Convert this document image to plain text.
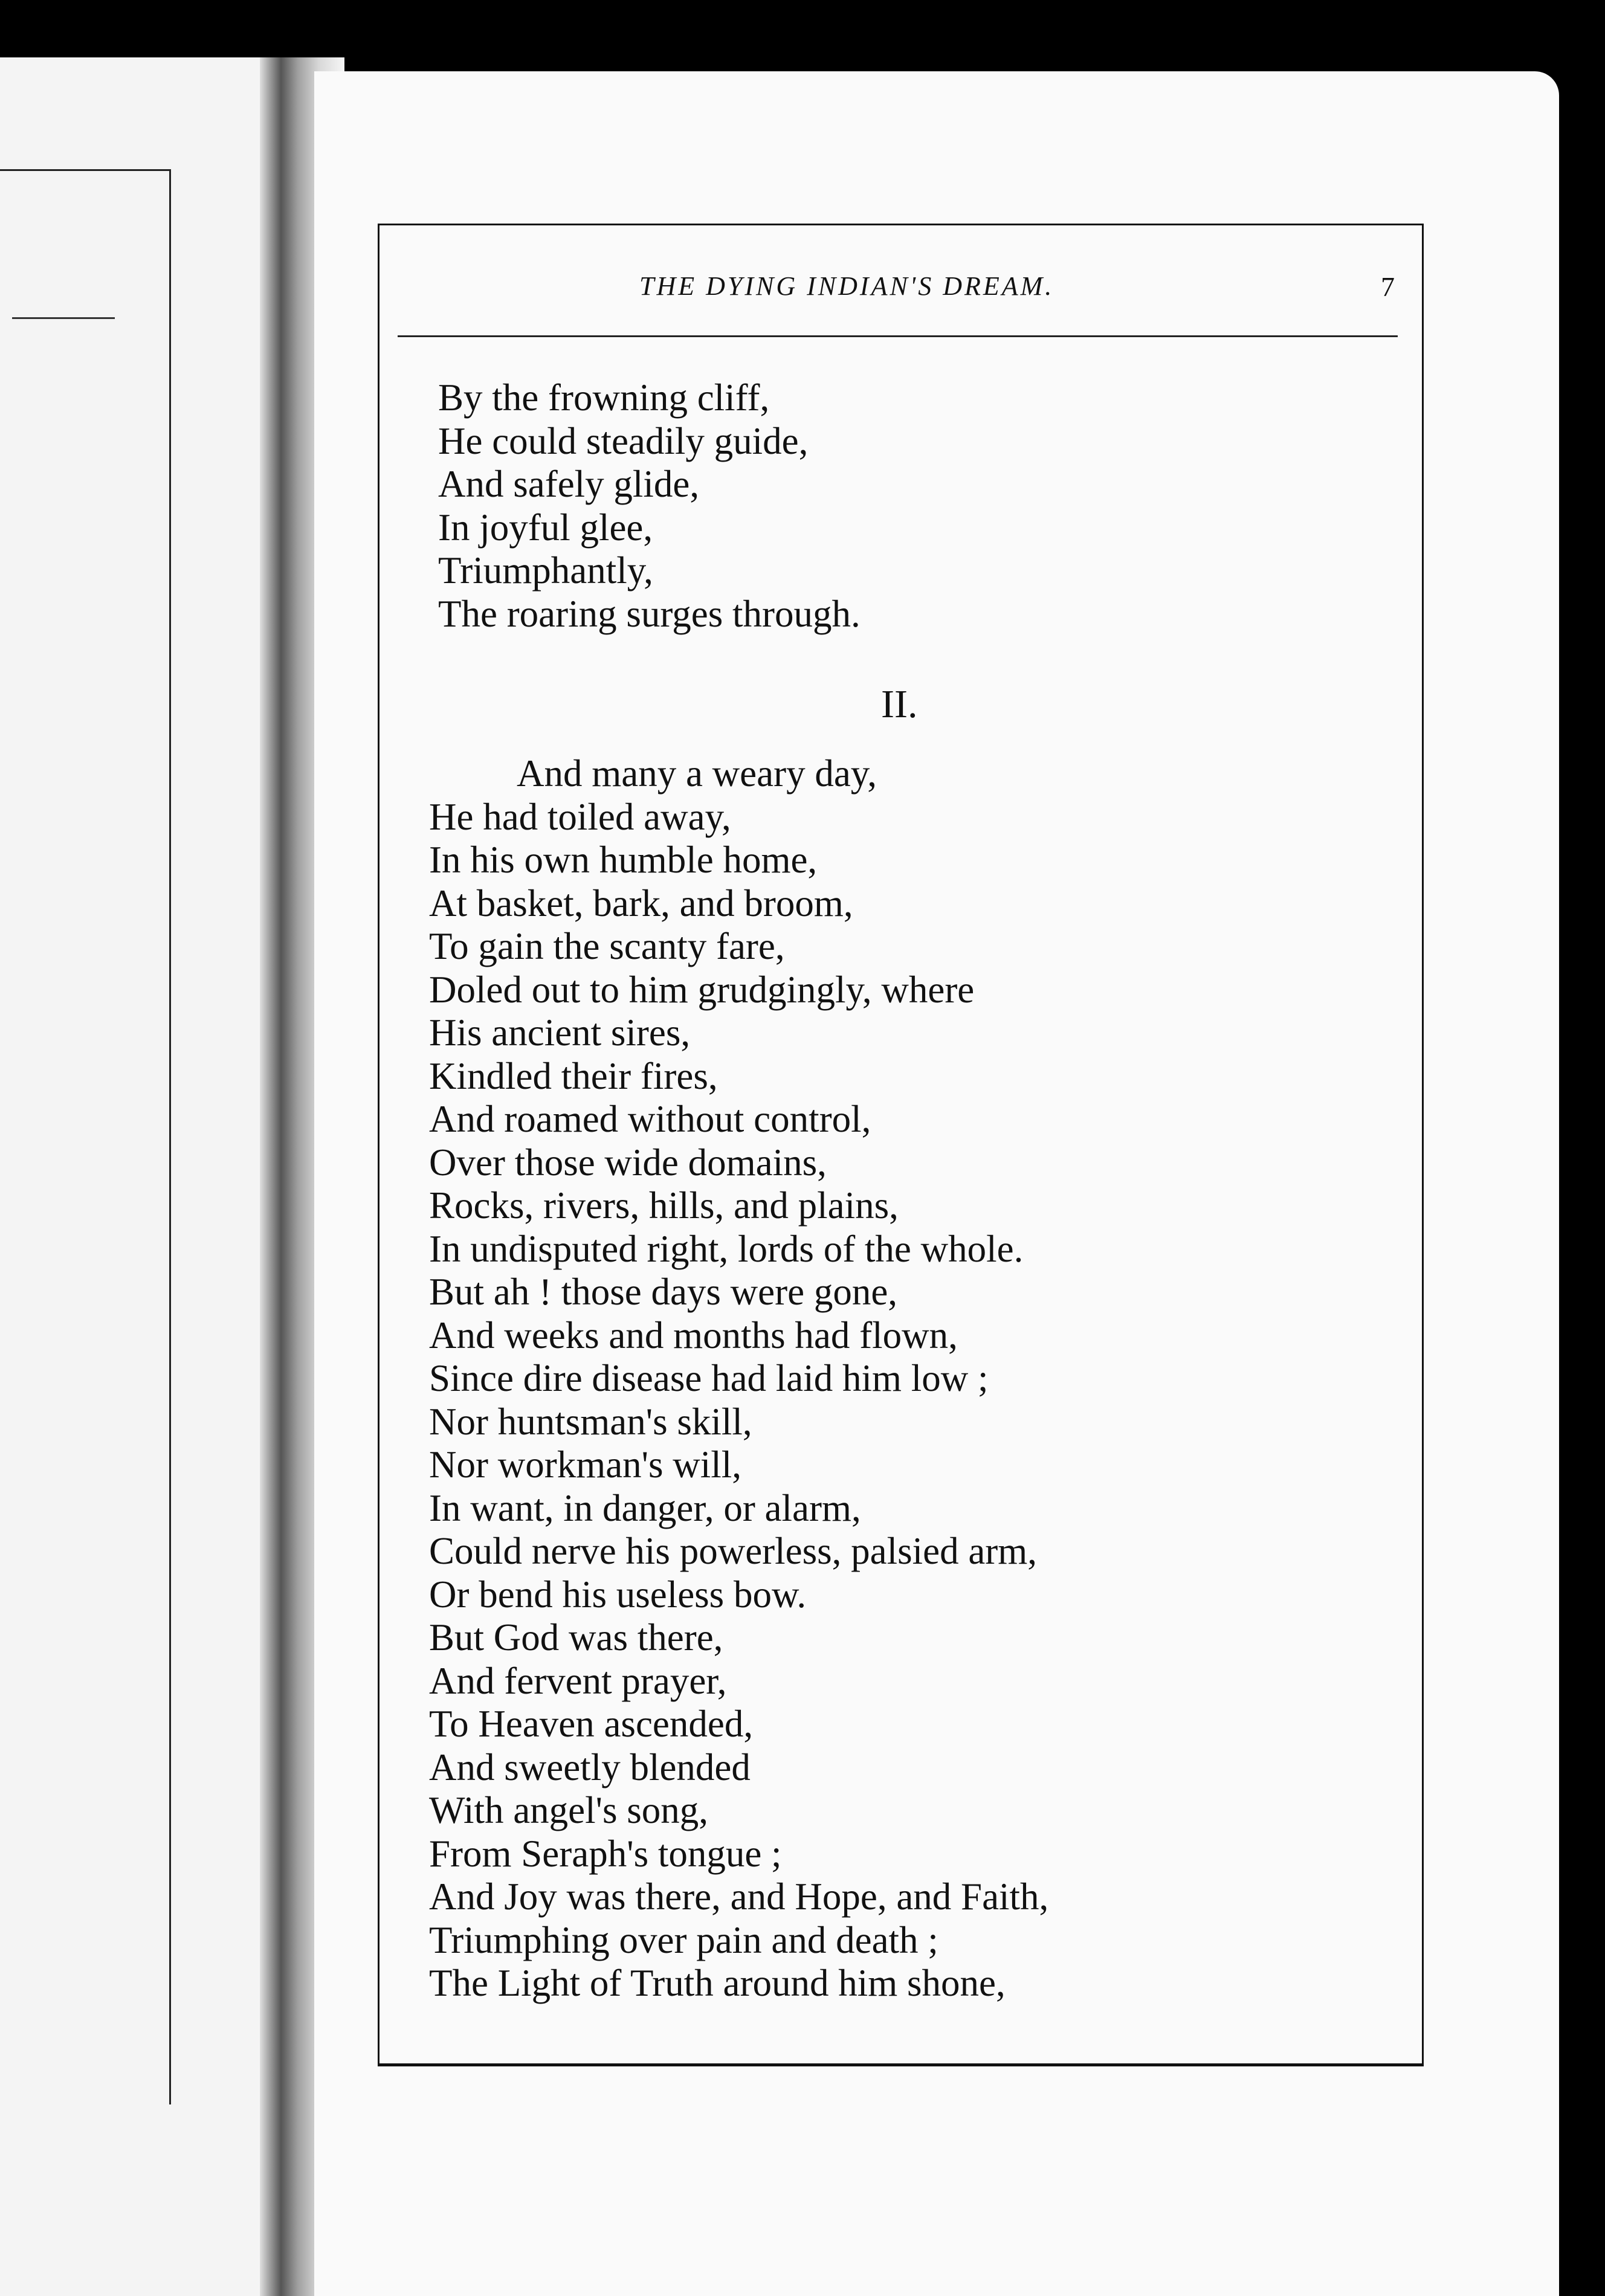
THE DYING INDIAN'S DREAM.	7
By the frowning cliff,
He could steadily guide,
And safely glide,
In joyful glee,
Triumphantly,
The roaring surges through.
II.
And many a weary day,
He had toiled away,
In his own humble home,
At basket, bark, and broom,
To gain the scanty fare,
Doled out to him grudgingly, where
His ancient sires,
Kindled their fires,
And roamed without control,
Over those wide domains,
Rocks, rivers, hills, and plains,
In undisputed right, lords of the whole.
But ah ! those days were gone,
And weeks and months had flown,
Since dire disease had laid him low ;
Nor huntsman's skill,
Nor workman's will,
In want, in danger, or alarm,
Could nerve his powerless, palsied arm,
Or bend his useless bow.
But God was there,
And fervent prayer,
To Heaven ascended,
And sweetly blended
With angel's song,
From Seraph's tongue ;
And Joy was there, and Hope, and Faith,
Triumphing over pain and death ;
The Light of Truth around him shone,
